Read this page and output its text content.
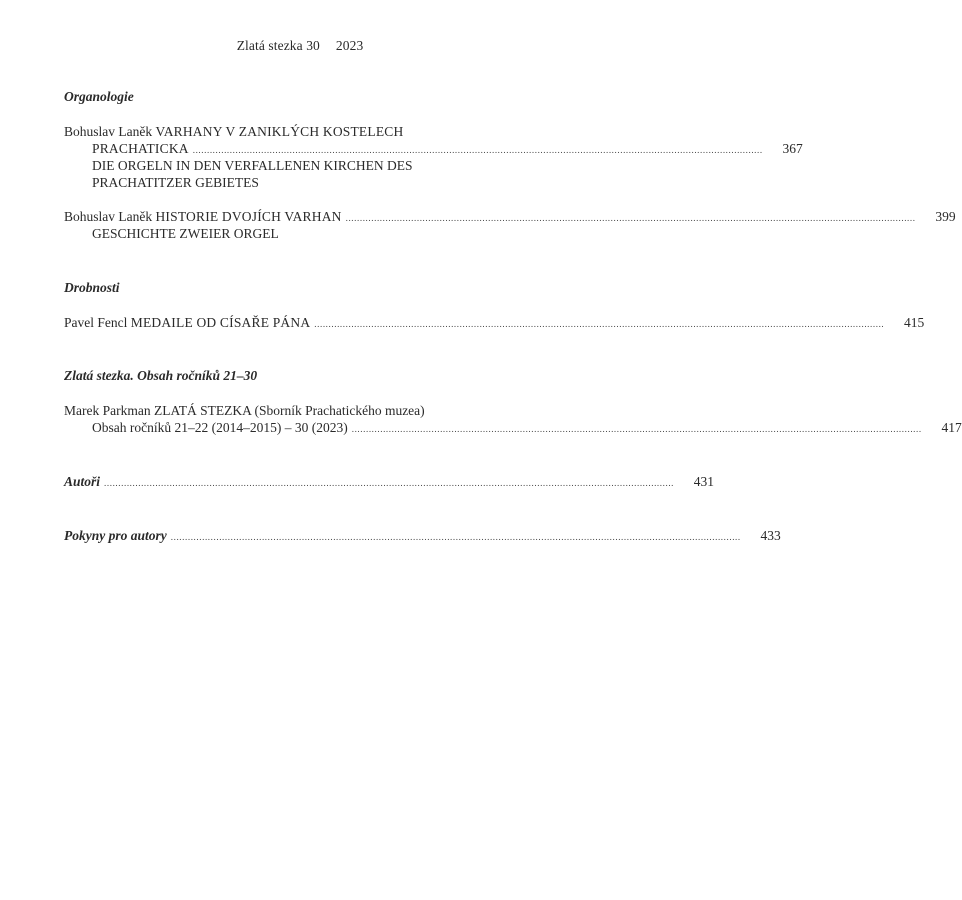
Zlatá stezka 30 2023
Organologie
Bohuslav Laněk VARHANY V ZANIKLÝCH KOSTELECH
PRACHATICKA ........................................................................................................................................................................................................	367
DIE ORGELN IN DEN VERFALLENEN KIRCHEN DES
PRACHATITZER GEBIETES
Bohuslav Laněk HISTORIE DVOJÍCH VARHAN ........................................................................................................................................................................................................	399
GESCHICHTE ZWEIER ORGEL
Drobnosti
Pavel Fencl MEDAILE OD CÍSAŘE PÁNA ........................................................................................................................................................................................................	415
Zlatá stezka. Obsah ročníků 21–30
Marek Parkman ZLATÁ STEZKA (Sborník Prachatického muzea)
Obsah ročníků 21–22 (2014–2015) – 30 (2023) ........................................................................................................................................................................................................	417
Autoři ........................................................................................................................................................................................................	431
Pokyny pro autory ........................................................................................................................................................................................................	433
